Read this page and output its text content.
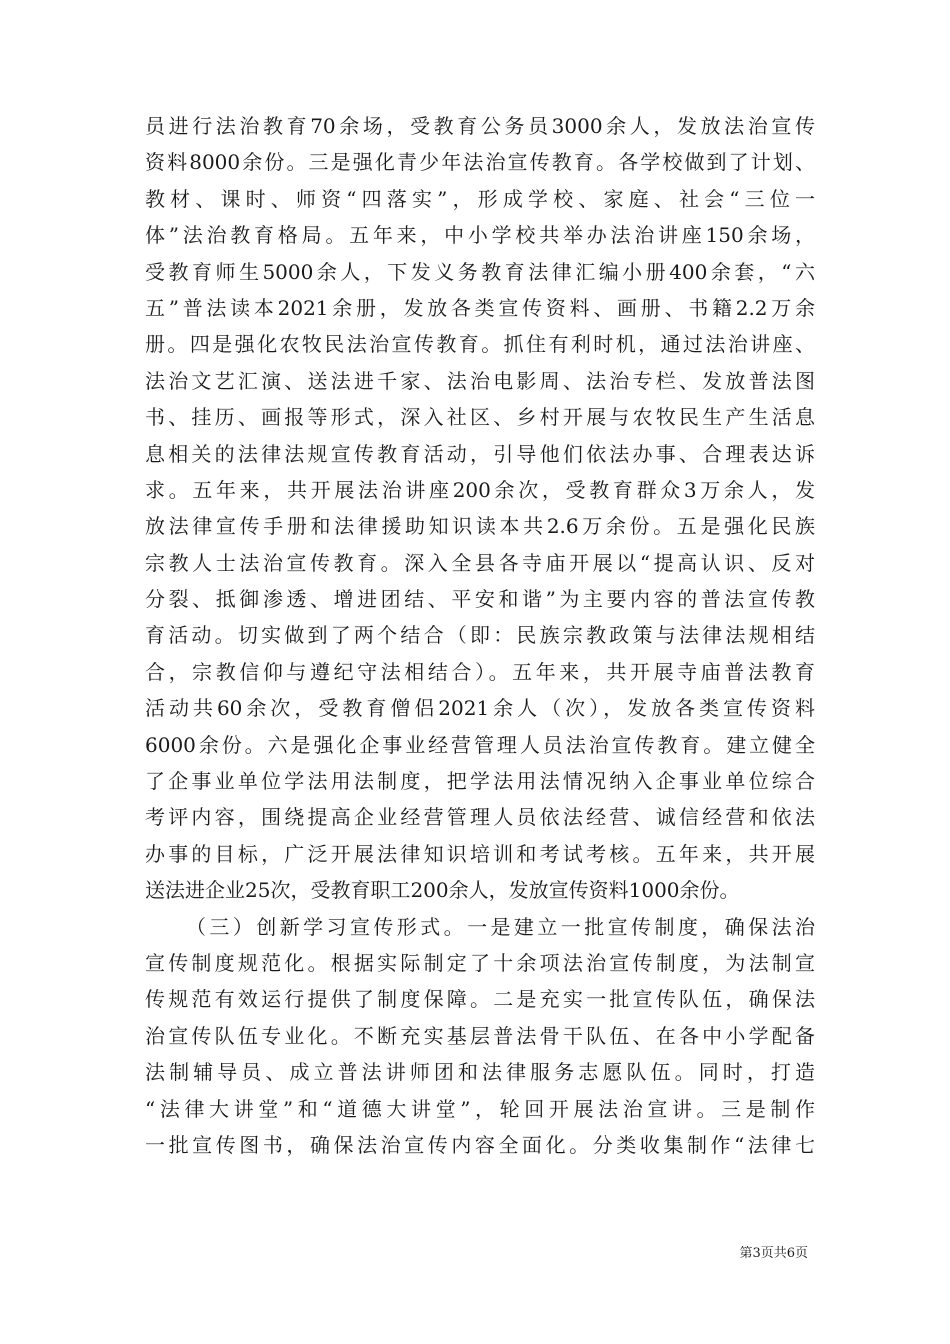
员进行法治教育70余场，受教育公务员3000余人，发放法治宣传
资料8000余份。三是强化青少年法治宣传教育。各学校做到了计划、
教材、课时、师资“四落实”，形成学校、家庭、社会“三位一
体”法治教育格局。五年来，中小学校共举办法治讲座150余场，
受教育师生5000余人，下发义务教育法律汇编小册400余套，“六
五”普法读本2021余册，发放各类宣传资料、画册、书籍2.2万余
册。四是强化农牧民法治宣传教育。抓住有利时机，通过法治讲座、
法治文艺汇演、送法进千家、法治电影周、法治专栏、发放普法图
书、挂历、画报等形式，深入社区、乡村开展与农牧民生产生活息
息相关的法律法规宣传教育活动，引导他们依法办事、合理表达诉
求。五年来，共开展法治讲座200余次，受教育群众3万余人，发
放法律宣传手册和法律援助知识读本共2.6万余份。五是强化民族
宗教人士法治宣传教育。深入全县各寺庙开展以“提高认识、反对
分裂、抵御渗透、增进团结、平安和谐”为主要内容的普法宣传教
育活动。切实做到了两个结合（即：民族宗教政策与法律法规相结
合，宗教信仰与遵纪守法相结合）。五年来，共开展寺庙普法教育
活动共60余次，受教育僧侣2021余人（次），发放各类宣传资料
6000余份。六是强化企事业经营管理人员法治宣传教育。建立健全
了企事业单位学法用法制度，把学法用法情况纳入企事业单位综合
考评内容，围绕提高企业经营管理人员依法经营、诚信经营和依法
办事的目标，广泛开展法律知识培训和考试考核。五年来，共开展
送法进企业25次，受教育职工200余人，发放宣传资料1000余份。
（三）创新学习宣传形式。一是建立一批宣传制度，确保法治
宣传制度规范化。根据实际制定了十余项法治宣传制度，为法制宣
传规范有效运行提供了制度保障。二是充实一批宣传队伍，确保法
治宣传队伍专业化。不断充实基层普法骨干队伍、在各中小学配备
法制辅导员、成立普法讲师团和法律服务志愿队伍。同时，打造
“法律大讲堂”和“道德大讲堂”，轮回开展法治宣讲。三是制作
一批宣传图书，确保法治宣传内容全面化。分类收集制作“法律七
第3页共6页
